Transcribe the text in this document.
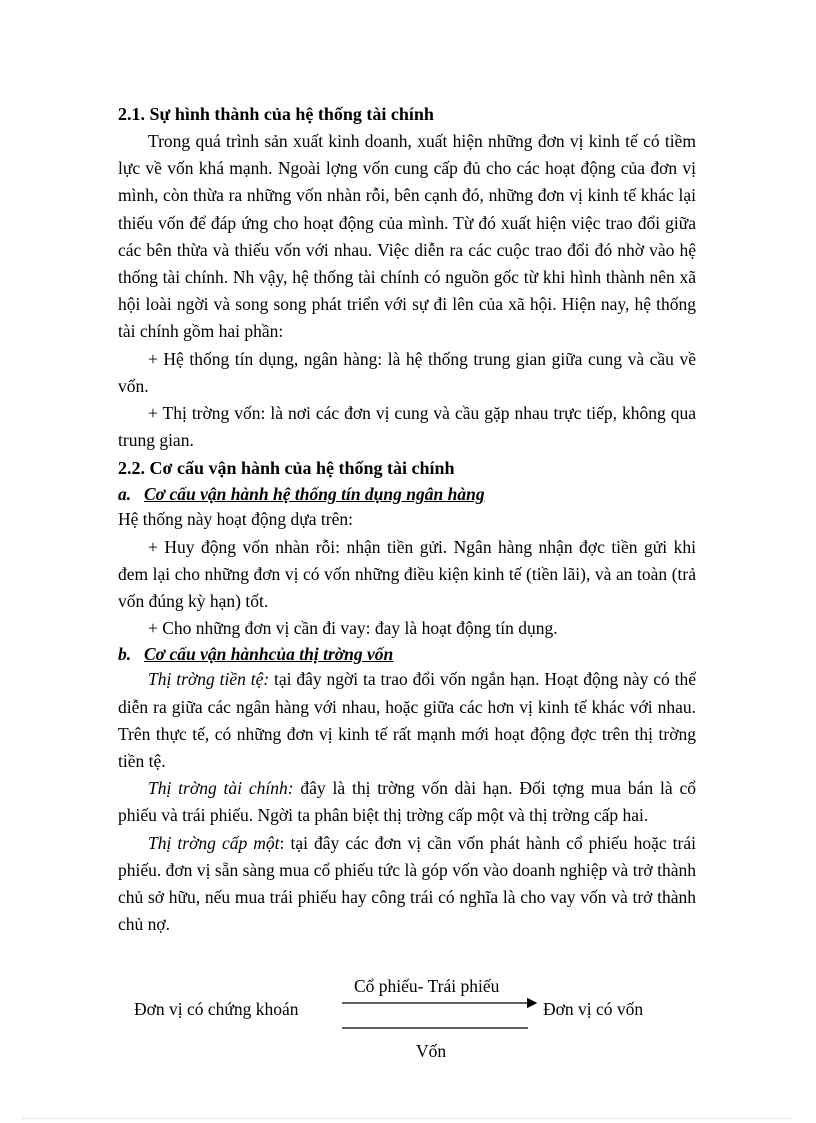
2.1. Sự hình thành của hệ thống tài chính

Trong quá trình sản xuất kinh doanh, xuất hiện những đơn vị kinh tế có tiềm lực về vốn khá mạnh. Ngoài lợng vốn cung cấp đủ cho các hoạt động của đơn vị mình, còn thừa ra những vốn nhàn rỗi, bên cạnh đó, những đơn vị kinh tế khác lại thiếu vốn để đáp ứng cho hoạt động của mình. Từ đó xuất hiện việc trao đổi giữa các bên thừa và thiếu vốn với nhau. Việc diễn ra các cuộc trao đổi đó nhờ vào hệ thống tài chính. Nh vậy, hệ thống tài chính có nguồn gốc từ khi hình thành nên xã hội loài ngời và song song phát triển với sự đi lên của xã hội. Hiện nay, hệ thống tài chính gồm hai phần:

+ Hệ thống tín dụng, ngân hàng: là hệ thống trung gian giữa cung và cầu về vốn.

+ Thị trờng vốn: là nơi các đơn vị cung và cầu gặp nhau trực tiếp, không qua trung gian.

2.2. Cơ cấu vận hành của hệ thống tài chính

a. Cơ cấu vận hành hệ thống tín dụng ngân hàng

Hệ thống này hoạt động dựa trên:

+ Huy động vốn nhàn rỗi: nhận tiền gửi. Ngân hàng nhận đợc tiền gửi khi đem lại cho những đơn vị có vốn những điều kiện kinh tế (tiền lãi), và an toàn (trả vốn đúng kỳ hạn) tốt.

+ Cho những đơn vị cần đi vay: đay là hoạt động tín dụng.

b. Cơ cấu vận hànhcủa thị trờng vốn

Thị trờng tiền tệ: tại đây ngời ta trao đổi vốn ngắn hạn. Hoạt động này có thể diễn ra giữa các ngân hàng với nhau, hoặc giữa các hơn vị kinh tế khác với nhau. Trên thực tế, có những đơn vị kinh tế rất mạnh mới hoạt động đợc trên thị trờng tiền tệ.

Thị trờng tài chính: đây là thị trờng vốn dài hạn. Đối tợng mua bán là cổ phiếu và trái phiếu. Ngời ta phân biệt thị trờng cấp một và thị trờng cấp hai.

Thị trờng cấp một: tại đây các đơn vị cần vốn phát hành cổ phiếu hoặc trái phiếu. đơn vị sẵn sàng mua cổ phiếu tức là góp vốn vào doanh nghiệp và trở thành chủ sở hữu, nếu mua trái phiếu hay công trái có nghĩa là cho vay vốn và trở thành chủ nợ.

Cổ phiếu- Trái phiếu
Đơn vị có chứng khoán	Đơn vị có vốn
Vốn
